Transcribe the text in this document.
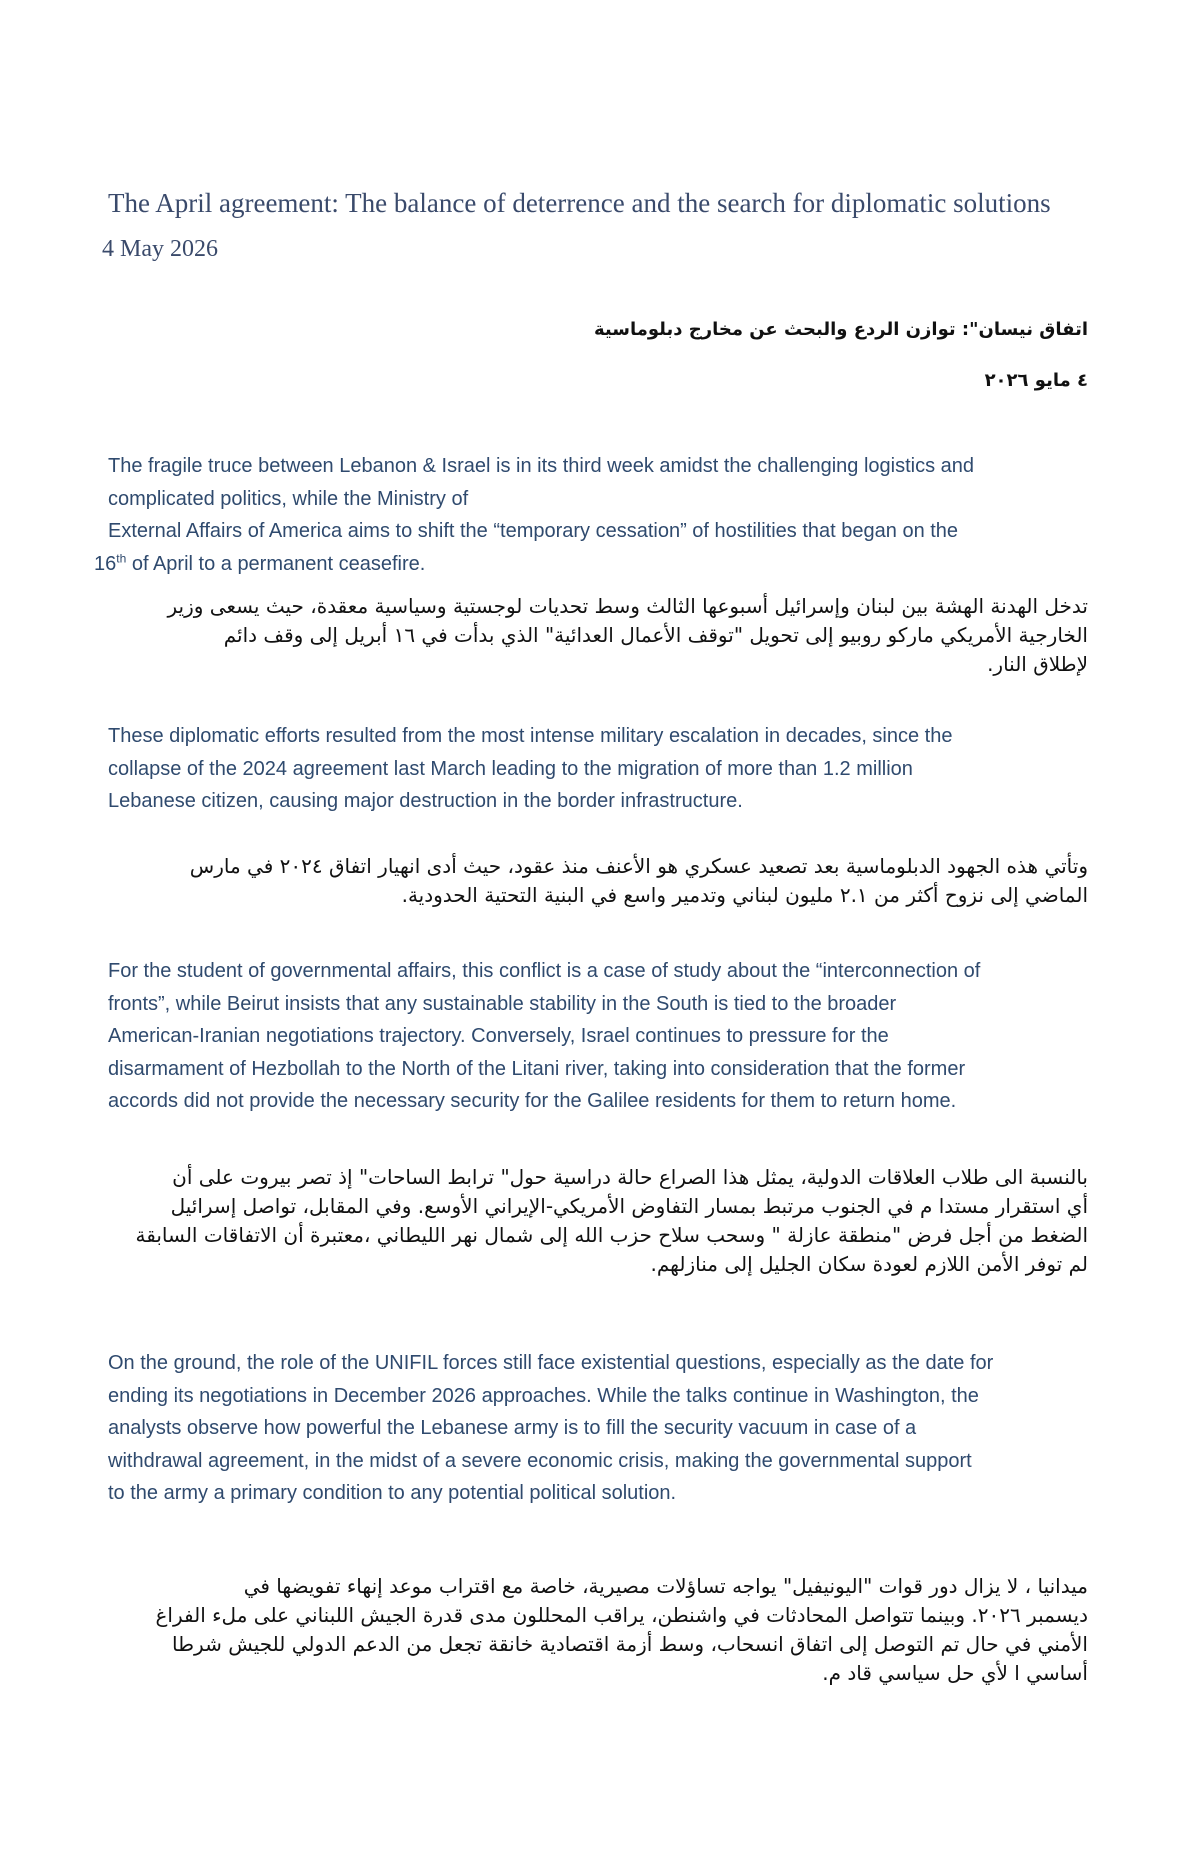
The April agreement: The balance of deterrence and the search for diplomatic solutions
4 May 2026
اتفاق نيسان": توازن الردع والبحث عن مخارج دبلوماسية
٤ مايو ٢٠٢٦
The fragile truce between Lebanon & Israel is in its third week amidst the challenging logistics and
complicated politics, while the Ministry of
External Affairs of America aims to shift the “temporary cessation” of hostilities that began on the
16th of April to a permanent ceasefire.
تدخل الهدنة الهشة بين لبنان وإسرائيل أسبوعها الثالث وسط تحديات لوجستية وسياسية معقدة، حيث يسعى وزير
الخارجية الأمريكي ماركو روبيو إلى تحويل "توقف الأعمال العدائية" الذي بدأت في ١٦ أبريل إلى وقف دائم
لإطلاق النار.
These diplomatic efforts resulted from the most intense military escalation in decades, since the
collapse of the 2024 agreement last March leading to the migration of more than 1.2 million
Lebanese citizen, causing major destruction in the border infrastructure.
وتأتي هذه الجهود الدبلوماسية بعد تصعيد عسكري هو الأعنف منذ عقود، حيث أدى انهيار اتفاق ٢٠٢٤ في مارس
الماضي إلى نزوح أكثر من ٢.١ مليون لبناني وتدمير واسع في البنية التحتية الحدودية.
For the student of governmental affairs, this conflict is a case of study about the “interconnection of
fronts”, while Beirut insists that any sustainable stability in the South is tied to the broader
American-Iranian negotiations trajectory. Conversely, Israel continues to pressure for the
disarmament of Hezbollah to the North of the Litani river, taking into consideration that the former
accords did not provide the necessary security for the Galilee residents for them to return home.
بالنسبة الى طلاب العلاقات الدولية، يمثل هذا الصراع حالة دراسية حول" ترابط الساحات" إذ تصر بيروت على أن
أي استقرار مستدا م في الجنوب مرتبط بمسار التفاوض الأمريكي-الإيراني الأوسع. وفي المقابل، تواصل إسرائيل
الضغط من أجل فرض "منطقة عازلة " وسحب سلاح حزب الله إلى شمال نهر الليطاني ،معتبرة أن الاتفاقات السابقة
لم توفر الأمن اللازم لعودة سكان الجليل إلى منازلهم.
On the ground, the role of the UNIFIL forces still face existential questions, especially as the date for
ending its negotiations in December 2026 approaches. While the talks continue in Washington, the
analysts observe how powerful the Lebanese army is to fill the security vacuum in case of a
withdrawal agreement, in the midst of a severe economic crisis, making the governmental support
to the army a primary condition to any potential political solution.
ميدانيا ، لا يزال دور قوات "اليونيفيل" يواجه تساؤلات مصيرية، خاصة مع اقتراب موعد إنهاء تفويضها في
ديسمبر ٢٠٢٦. وبينما تتواصل المحادثات في واشنطن، يراقب المحللون مدى قدرة الجيش اللبناني على ملء الفراغ
الأمني في حال تم التوصل إلى اتفاق انسحاب، وسط أزمة اقتصادية خانقة تجعل من الدعم الدولي للجيش شرطا
أساسي ا لأي حل سياسي قاد م.
